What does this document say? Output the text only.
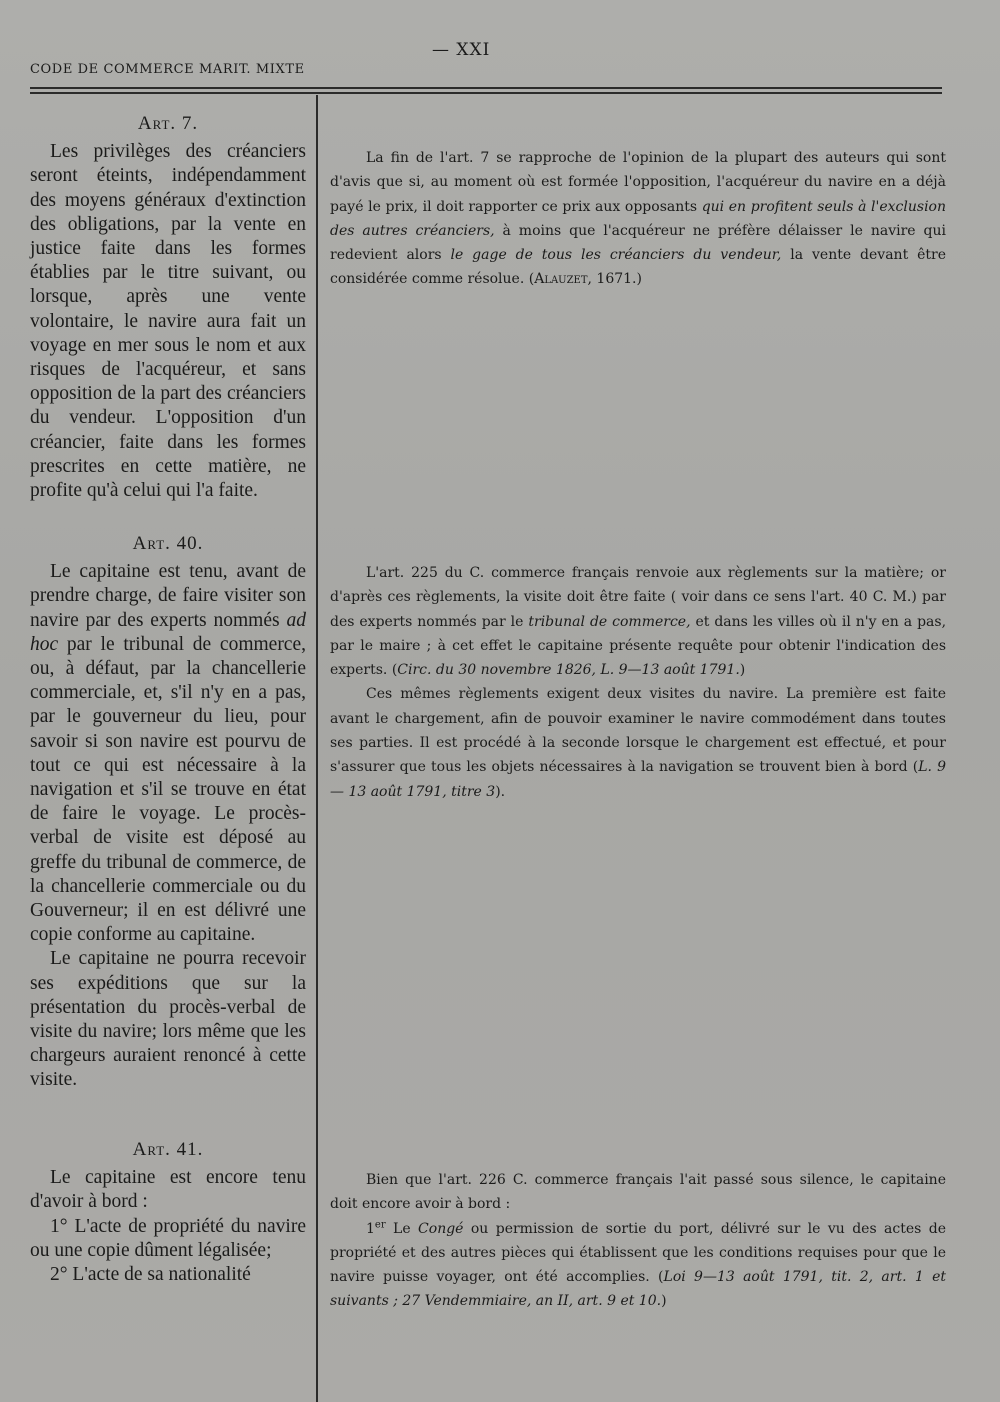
CODE DE COMMERCE MARIT. MIXTE
— XXI
Art. 7.

Les privilèges des créanciers seront éteints, indépendamment des moyens généraux d'extinction des obligations, par la vente en justice faite dans les formes établies par le titre suivant, ou lorsque, après une vente volontaire, le navire aura fait un voyage en mer sous le nom et aux risques de l'acquéreur, et sans opposition de la part des créanciers du vendeur. L'opposition d'un créancier, faite dans les formes prescrites en cette matière, ne profite qu'à celui qui l'a faite.

Art. 40.

Le capitaine est tenu, avant de prendre charge, de faire visiter son navire par des experts nommés ad hoc par le tribunal de commerce, ou, à défaut, par la chancellerie commerciale, et, s'il n'y en a pas, par le gouverneur du lieu, pour savoir si son navire est pourvu de tout ce qui est nécessaire à la navigation et s'il se trouve en état de faire le voyage. Le procès-verbal de visite est déposé au greffe du tribunal de commerce, de la chancellerie commerciale ou du Gouverneur; il en est délivré une copie conforme au capitaine.

Le capitaine ne pourra recevoir ses expéditions que sur la présentation du procès-verbal de visite du navire; lors même que les chargeurs auraient renoncé à cette visite.

Art. 41.

Le capitaine est encore tenu d'avoir à bord :

1° L'acte de propriété du navire ou une copie dûment légalisée;

2° L'acte de sa nationalité

La fin de l'art. 7 se rapproche de l'opinion de la plupart des auteurs qui sont d'avis que si, au moment où est formée l'opposition, l'acquéreur du navire en a déjà payé le prix, il doit rapporter ce prix aux opposants qui en profitent seuls à l'exclusion des autres créanciers, à moins que l'acquéreur ne préfère délaisser le navire qui redevient alors le gage de tous les créanciers du vendeur, la vente devant être considérée comme résolue. (Alauzet, 1671.)

L'art. 225 du C. commerce français renvoie aux règlements sur la matière; or d'après ces règlements, la visite doit être faite ( voir dans ce sens l'art. 40 C. M.) par des experts nommés par le tribunal de commerce, et dans les villes où il n'y en a pas, par le maire ; à cet effet le capitaine présente requête pour obtenir l'indication des experts. (Circ. du 30 novembre 1826, L. 9—13 août 1791.)

Ces mêmes règlements exigent deux visites du navire. La première est faite avant le chargement, afin de pouvoir examiner le navire commodément dans toutes ses parties. Il est procédé à la seconde lorsque le chargement est effectué, et pour s'assurer que tous les objets nécessaires à la navigation se trouvent bien à bord (L. 9 — 13 août 1791, titre 3).

Bien que l'art. 226 C. commerce français l'ait passé sous silence, le capitaine doit encore avoir à bord :

1er Le Congé ou permission de sortie du port, délivré sur le vu des actes de propriété et des autres pièces qui établissent que les conditions requises pour que le navire puisse voyager, ont été accomplies. (Loi 9—13 août 1791, tit. 2, art. 1 et suivants ; 27 Vendemmiaire, an II, art. 9 et 10.)
